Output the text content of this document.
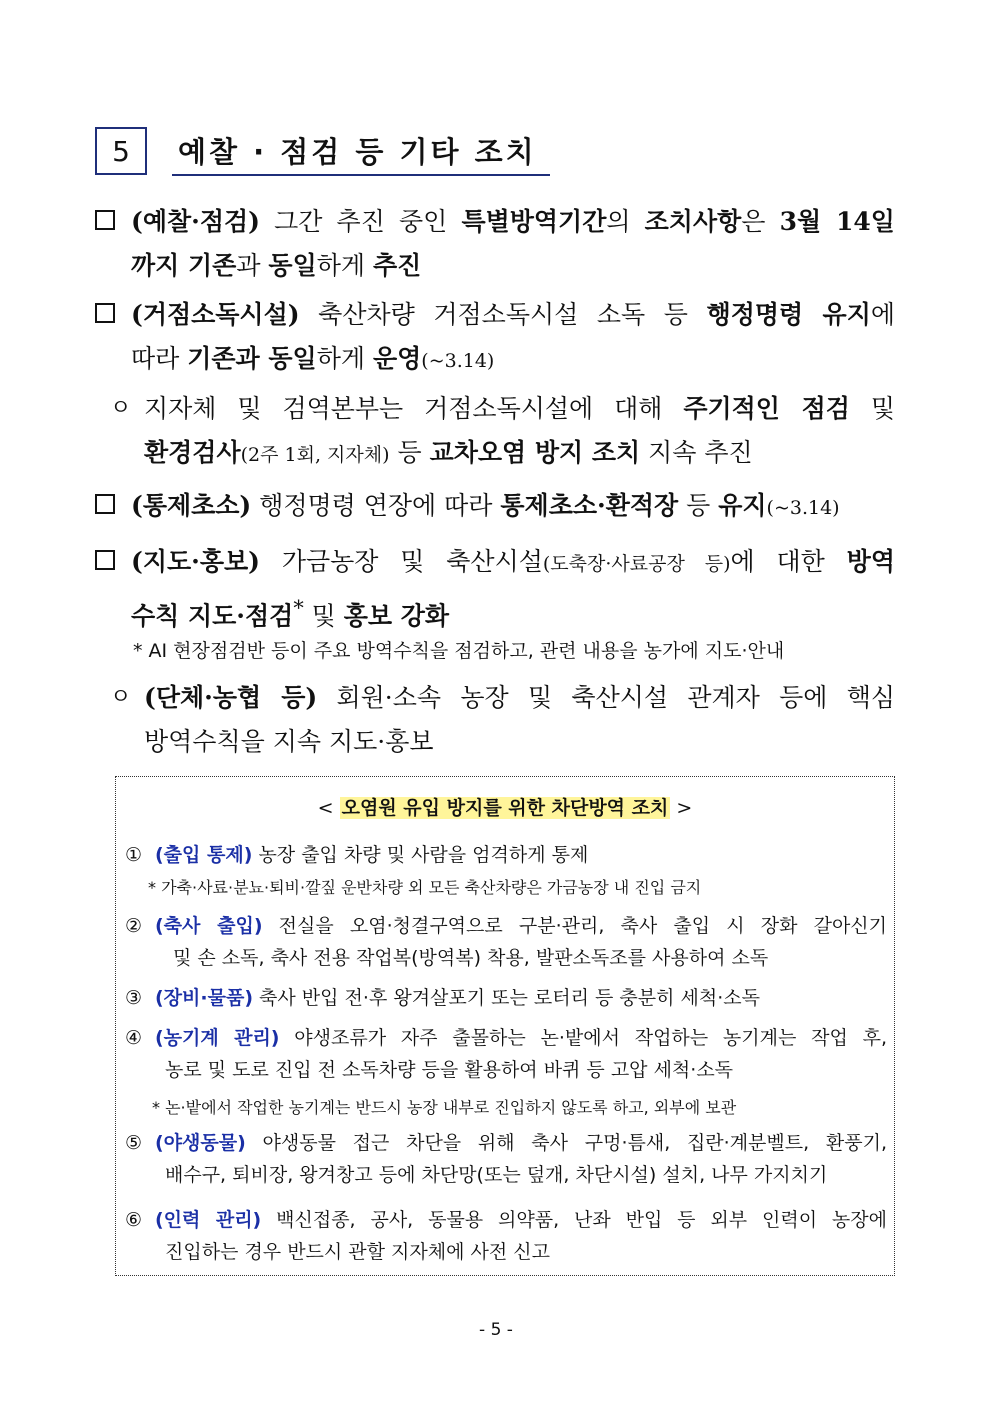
5	예찰 · 점검 등 기타 조치
(예찰·점검) 그간 추진 중인 특별방역기간의 조치사항은 3월 14일
까지 기존과 동일하게 추진
(거점소독시설) 축산차량 거점소독시설 소독 등 행정명령 유지에
따라 기존과 동일하게 운영(~3.14)
ㅇ 지자체 및 검역본부는 거점소독시설에 대해 주기적인 점검 및
환경검사(2주 1회, 지자체) 등 교차오염 방지 조치 지속 추진
(통제초소) 행정명령 연장에 따라 통제초소·환적장 등 유지(~3.14)
(지도·홍보) 가금농장 및 축산시설(도축장·사료공장 등)에 대한 방역
수칙 지도·점검* 및 홍보 강화
* AI 현장점검반 등이 주요 방역수칙을 점검하고, 관련 내용을 농가에 지도·안내
ㅇ (단체·농협 등) 회원·소속 농장 및 축산시설 관계자 등에 핵심
방역수칙을 지속 지도·홍보
< 오염원 유입 방지를 위한 차단방역 조치 >
① (출입 통제) 농장 출입 차량 및 사람을 엄격하게 통제
* 가축·사료·분뇨·퇴비·깔짚 운반차량 외 모든 축산차량은 가금농장 내 진입 금지
② (축사 출입) 전실을 오염·청결구역으로 구분·관리, 축사 출입 시 장화 갈아신기
및 손 소독, 축사 전용 작업복(방역복) 착용, 발판소독조를 사용하여 소독
③ (장비·물품) 축사 반입 전·후 왕겨살포기 또는 로터리 등 충분히 세척·소독
④ (농기계 관리) 야생조류가 자주 출몰하는 논·밭에서 작업하는 농기계는 작업 후,
농로 및 도로 진입 전 소독차량 등을 활용하여 바퀴 등 고압 세척·소독
* 논·밭에서 작업한 농기계는 반드시 농장 내부로 진입하지 않도록 하고, 외부에 보관
⑤ (야생동물) 야생동물 접근 차단을 위해 축사 구멍·틈새, 집란·계분벨트, 환풍기,
배수구, 퇴비장, 왕겨창고 등에 차단망(또는 덮개, 차단시설) 설치, 나무 가지치기
⑥ (인력 관리) 백신접종, 공사, 동물용 의약품, 난좌 반입 등 외부 인력이 농장에
진입하는 경우 반드시 관할 지자체에 사전 신고
- 5 -
